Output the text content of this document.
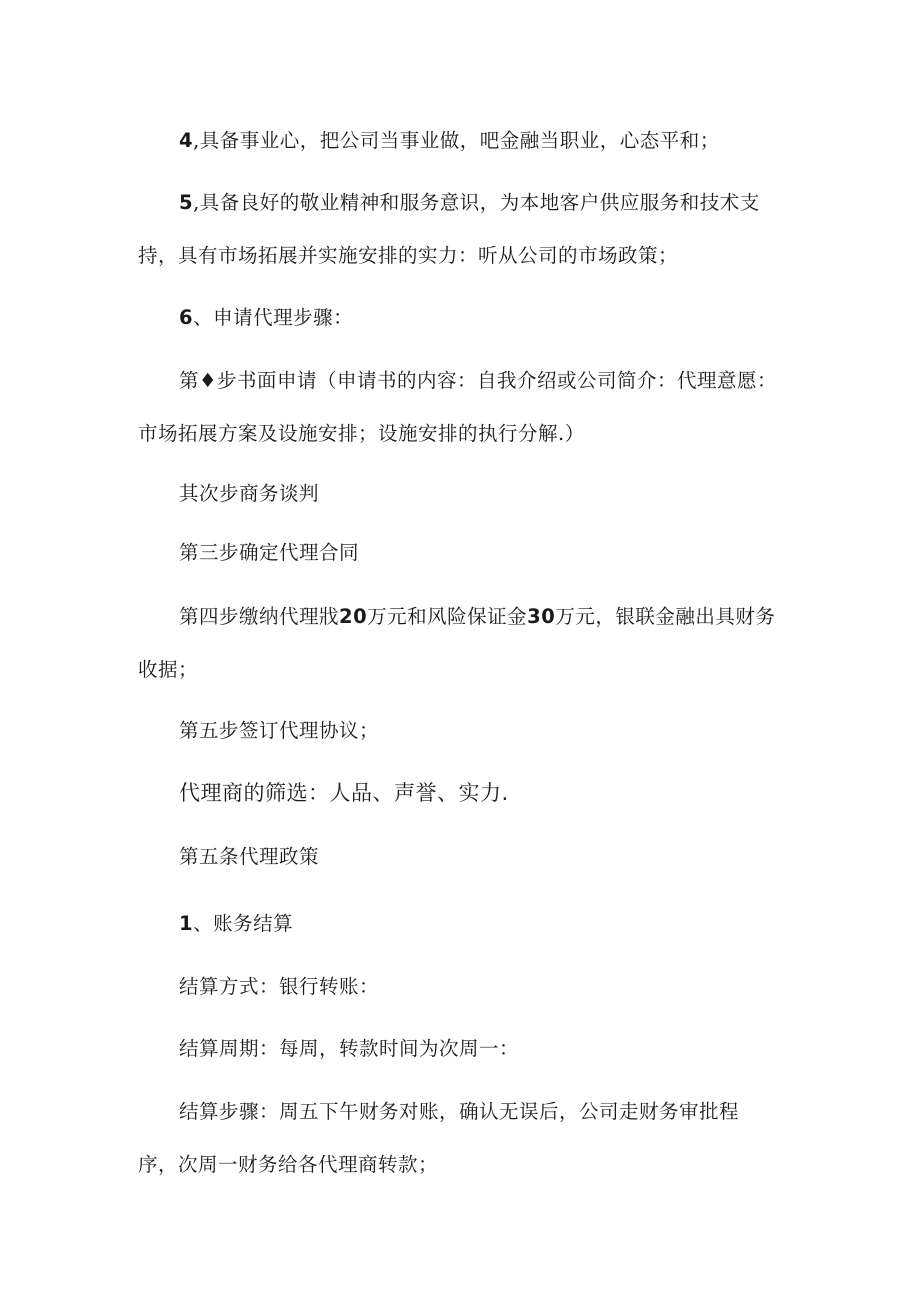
4,具备事业心，把公司当事业做，吧金融当职业，心态平和；

5,具备良好的敬业精神和服务意识，为本地客户供应服务和技术支持，具有市场拓展并实施安排的实力：听从公司的市场政策；

6、申请代理步骤：

第♦步书面申请（申请书的内容：自我介绍或公司简介：代理意愿：市场拓展方案及设施安排；设施安排的执行分解.）

其次步商务谈判

第三步确定代理合同

第四步缴纳代理戕20万元和风险保证金30万元，银联金融出具财务收据；

第五步签订代理协议；

代理商的筛选：人品、声誉、实力.

第五条代理政策

1、账务结算

结算方式：银行转账：

结算周期：每周，转款时间为次周一：

结算步骤：周五下午财务对账，确认无误后，公司走财务审批程序，次周一财务给各代理商转款；
